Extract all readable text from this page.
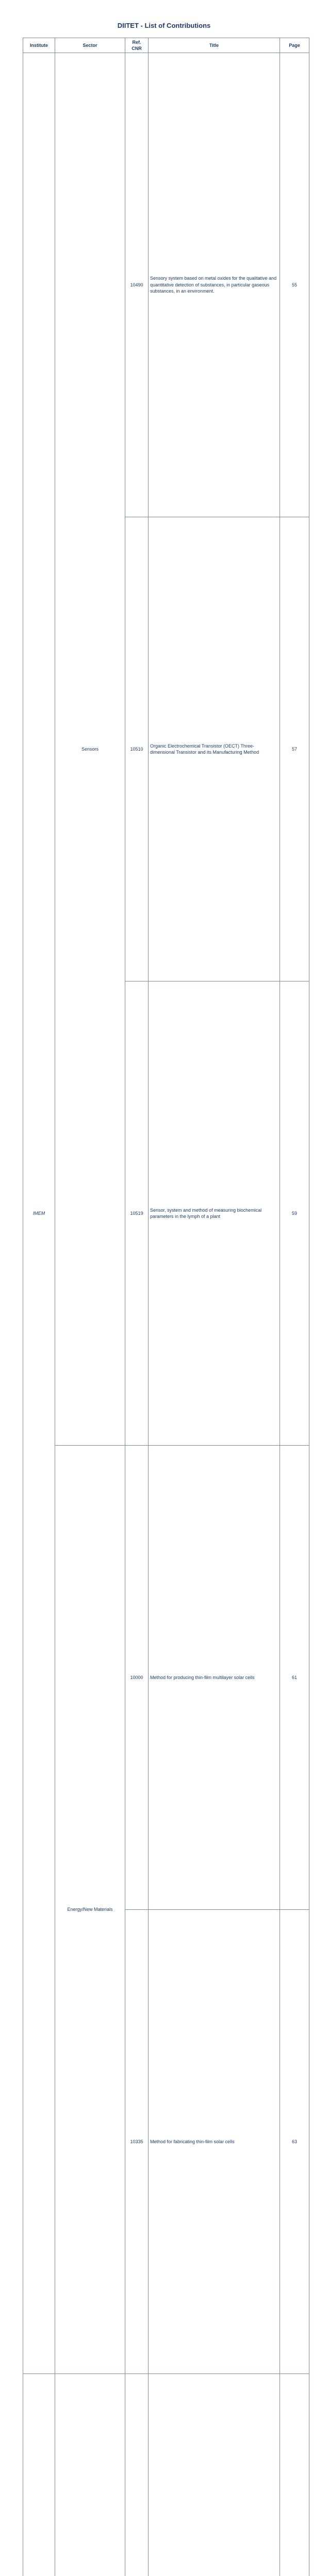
DIITET - List of Contributions
Institute	Sector	Ref. CNR	Title	Page
IMEM	Sensors	10490	Sensory system based on metal oxides for the qualitative and quantitative detection of substances, in particular gaseous substances, in an environment.	55
		10510	Organic Electrochemical Transistor (OECT) Three-dimensional Transistor and its Manufacturing Method	57
		10519	Sensor, system and method of measuring biochemical parameters in the lymph of a plant	59
	Energy/New Materials	10000	Method for producing thin-film multilayer solar cells	61
		10335	Method for fabricating thin-film solar cells	63
